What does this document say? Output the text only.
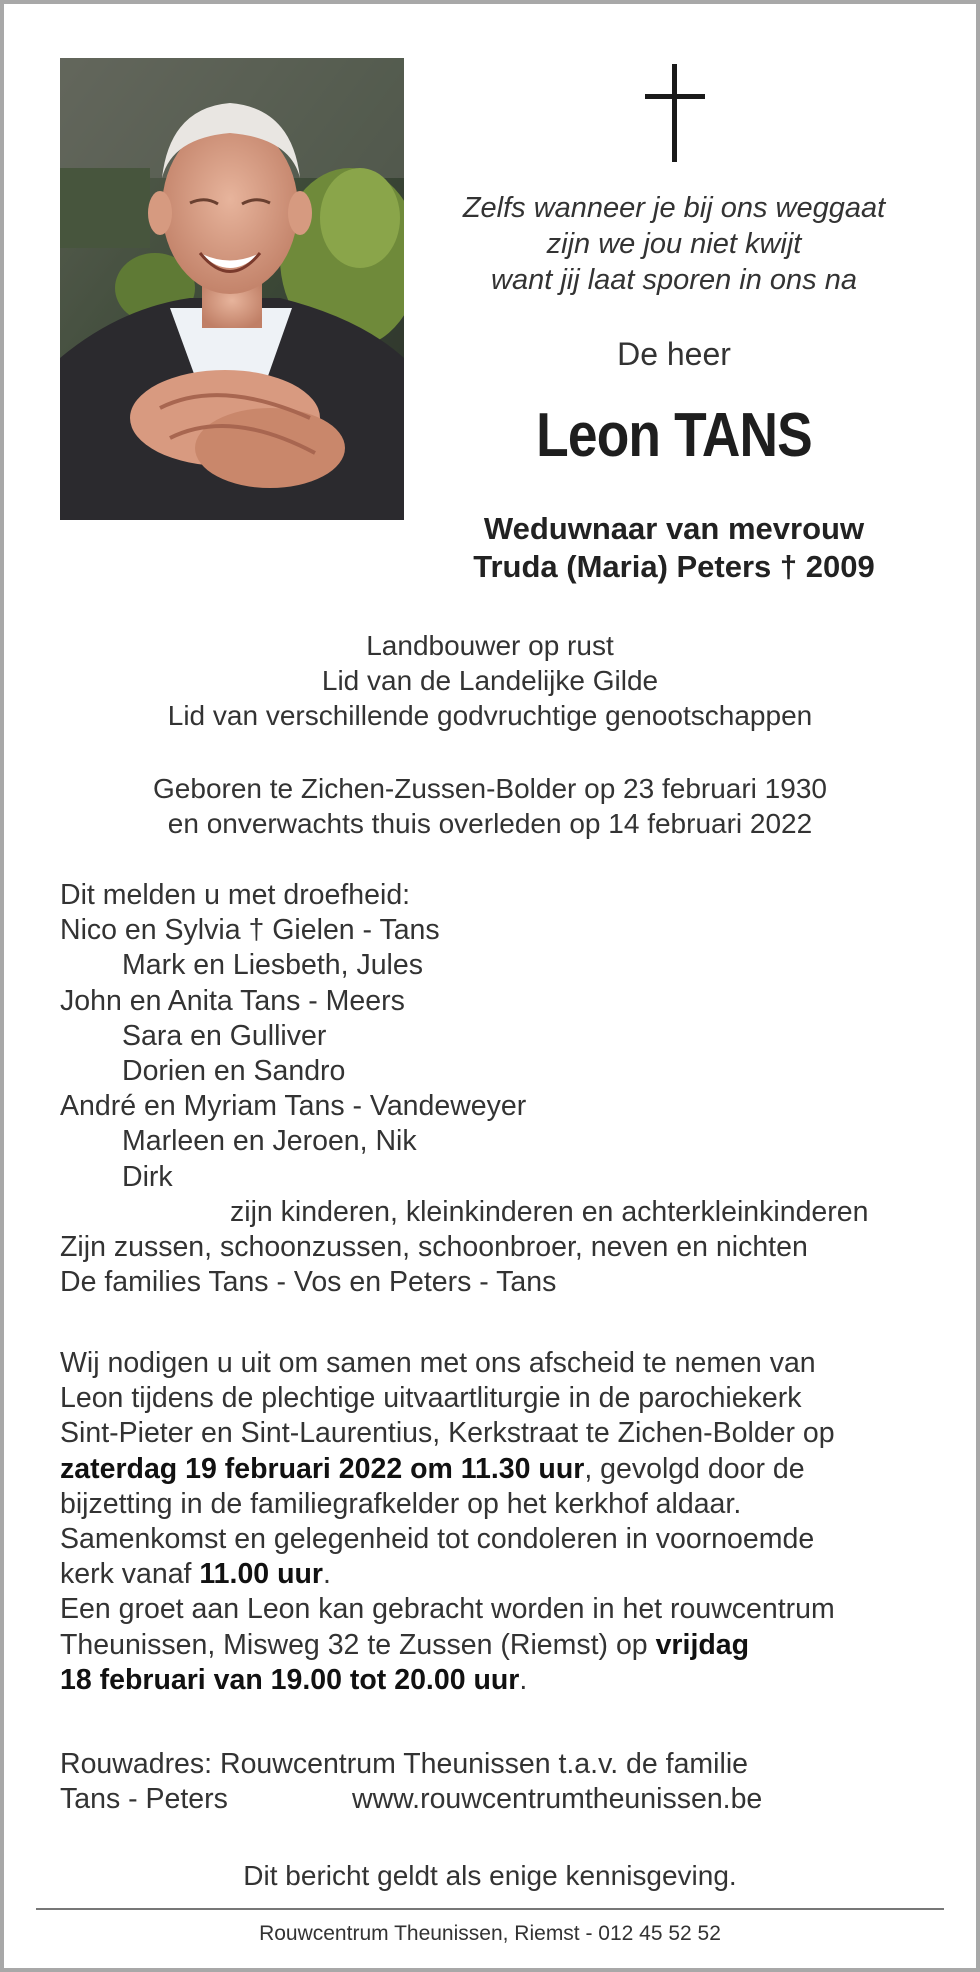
Zelfs wanneer je bij ons weggaat
zijn we jou niet kwijt
want jij laat sporen in ons na
De heer
Leon TANS
Weduwnaar van mevrouw
Truda (Maria) Peters † 2009
Landbouwer op rust
Lid van de Landelijke Gilde
Lid van verschillende godvruchtige genootschappen
Geboren te Zichen-Zussen-Bolder op 23 februari 1930
en onverwachts thuis overleden op 14 februari 2022
Dit melden u met droefheid:
Nico en Sylvia † Gielen - Tans
Mark en Liesbeth, Jules
John en Anita Tans - Meers
Sara en Gulliver
Dorien en Sandro
André en Myriam Tans - Vandeweyer
Marleen en Jeroen, Nik
Dirk
zijn kinderen, kleinkinderen en achterkleinkinderen
Zijn zussen, schoonzussen, schoonbroer, neven en nichten
De families Tans - Vos en Peters - Tans
Wij nodigen u uit om samen met ons afscheid te nemen van
Leon tijdens de plechtige uitvaartliturgie in de parochiekerk
Sint-Pieter en Sint-Laurentius, Kerkstraat te Zichen-Bolder op
zaterdag 19 februari 2022 om 11.30 uur, gevolgd door de
bijzetting in de familiegrafkelder op het kerkhof aldaar.
Samenkomst en gelegenheid tot condoleren in voornoemde
kerk vanaf 11.00 uur.
Een groet aan Leon kan gebracht worden in het rouwcentrum
Theunissen, Misweg 32 te Zussen (Riemst) op vrijdag
18 februari van 19.00 tot 20.00 uur.
Rouwadres: Rouwcentrum Theunissen t.a.v. de familie
Tans - Peters	www.rouwcentrumtheunissen.be
Dit bericht geldt als enige kennisgeving.
Rouwcentrum Theunissen, Riemst - 012 45 52 52
